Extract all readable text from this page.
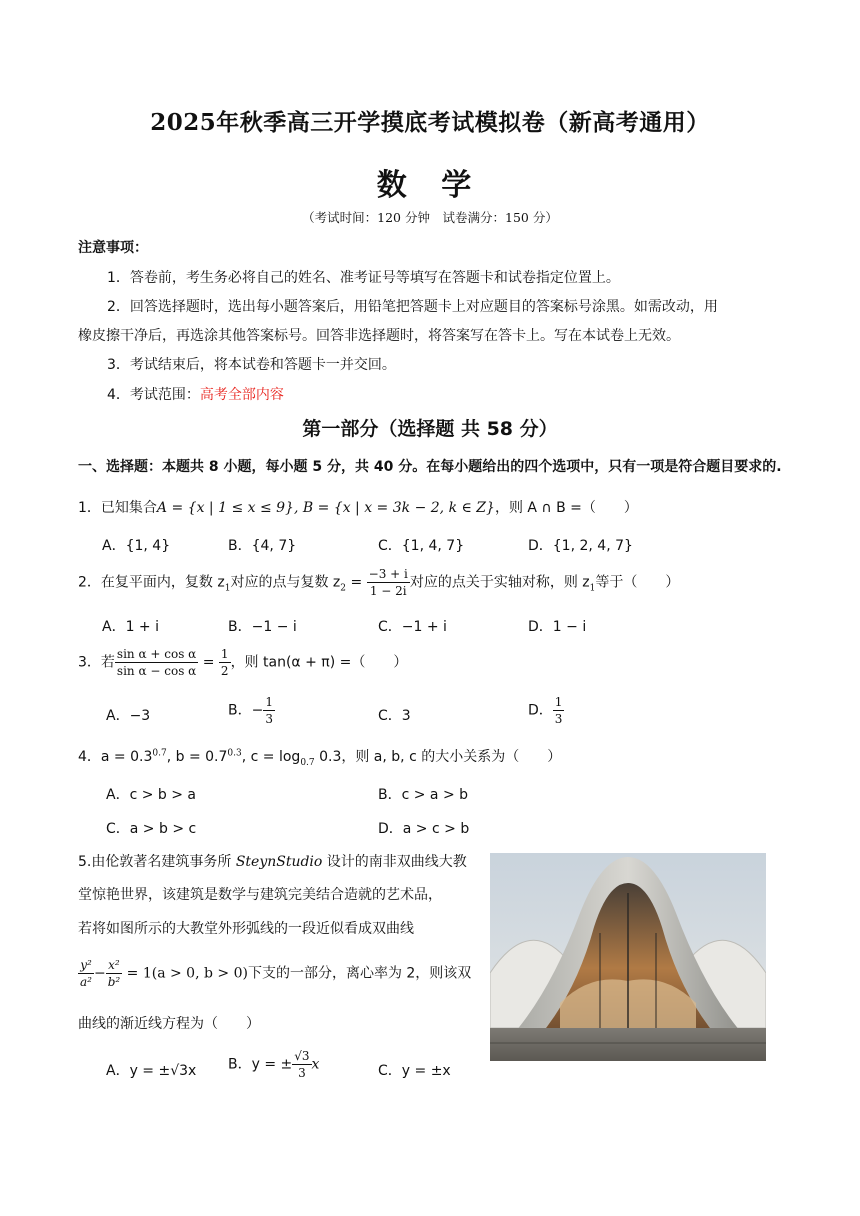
2025年秋季高三开学摸底考试模拟卷（新高考通用）
数 学
（考试时间：120 分钟　试卷满分：150 分）
注意事项：
1．答卷前，考生务必将自己的姓名、准考证号等填写在答题卡和试卷指定位置上。
2．回答选择题时，选出每小题答案后，用铅笔把答题卡上对应题目的答案标号涂黑。如需改动，用
橡皮擦干净后，再选涂其他答案标号。回答非选择题时，将答案写在答卡上。写在本试卷上无效。
3．考试结束后，将本试卷和答题卡一并交回。
4．考试范围：高考全部内容
第一部分（选择题 共 58 分）
一、选择题：本题共 8 小题，每小题 5 分，共 40 分。在每小题给出的四个选项中，只有一项是符合题目要求的.
1．已知集合A = {x | 1 ≤ x ≤ 9}, B = {x | x = 3k − 2, k ∈ Z}，则 A ∩ B =（　　）
A．{1, 4}	B．{4, 7}	C．{1, 4, 7}	D．{1, 2, 4, 7}
2．在复平面内，复数 $z_1$对应的点与复数 $z_2 = \frac{-3 + i}{1 - 2i}$ 对应的点关于实轴对称，则 $z_1$等于（　　）
A．1 + i	B．−1 − i	C．−1 + i	D．1 − i
3．若 $\frac{\text{sin α + cos α}}{\text{sin α − cos α}} = \frac{1}{2}$ ，则 tan(α + π) =（　　）
A．−3	B．− $\frac{1}{3}$	C．3	D． $\frac{1}{3}$
4．$a = 0.3^{0.7}$, $b = 0.7^{0.3}$, $c = \log_{0.7} 0.3$，则 a, b, c 的大小关系为（　　）
A．c > b > a	B．c > a > b
C．a > b > c	D．a > c > b
5.由伦敦著名建筑事务所 SteynStudio 设计的南非双曲线大教
堂惊艳世界，该建筑是数学与建筑完美结合造就的艺术品，
若将如图所示的大教堂外形弧线的一段近似看成双曲线
$\frac{\text{y²}}{\text{a²}} - \frac{\text{x²}}{\text{b²}} = 1(a > 0$, b > 0)下支的一部分，离心率为 2，则该双
曲线的渐近线方程为（　　）
A．y = ±√3x B．y = ± $\frac{√3}{3}$ x	C．y = ±x
